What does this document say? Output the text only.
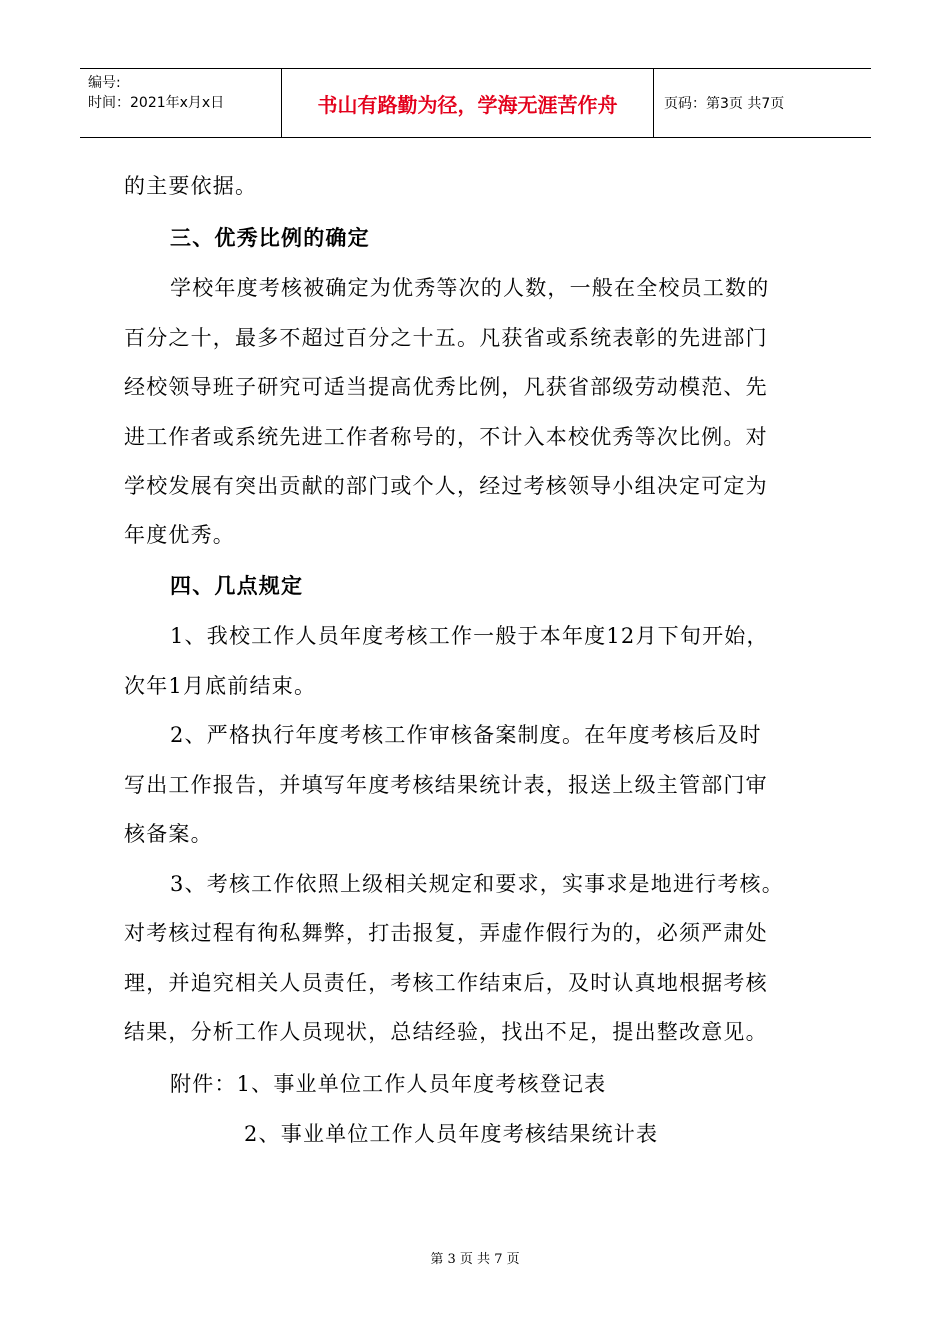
编号:
时间：2021年x月x日	书山有路勤为径，学海无涯苦作舟	页码：第3页 共7页
的主要依据。
三、优秀比例的确定
学校年度考核被确定为优秀等次的人数，一般在全校员工数的
百分之十，最多不超过百分之十五。凡获省或系统表彰的先进部门
经校领导班子研究可适当提高优秀比例，凡获省部级劳动模范、先
进工作者或系统先进工作者称号的，不计入本校优秀等次比例。对
学校发展有突出贡献的部门或个人，经过考核领导小组决定可定为
年度优秀。
四、几点规定
1、我校工作人员年度考核工作一般于本年度12月下旬开始，
次年1月底前结束。
2、严格执行年度考核工作审核备案制度。在年度考核后及时
写出工作报告，并填写年度考核结果统计表，报送上级主管部门审
核备案。
3、考核工作依照上级相关规定和要求，实事求是地进行考核。
对考核过程有徇私舞弊，打击报复，弄虚作假行为的，必须严肃处
理，并追究相关人员责任，考核工作结束后，及时认真地根据考核
结果，分析工作人员现状，总结经验，找出不足，提出整改意见。
附件：1、事业单位工作人员年度考核登记表
2、事业单位工作人员年度考核结果统计表
第 3 页 共 7 页
